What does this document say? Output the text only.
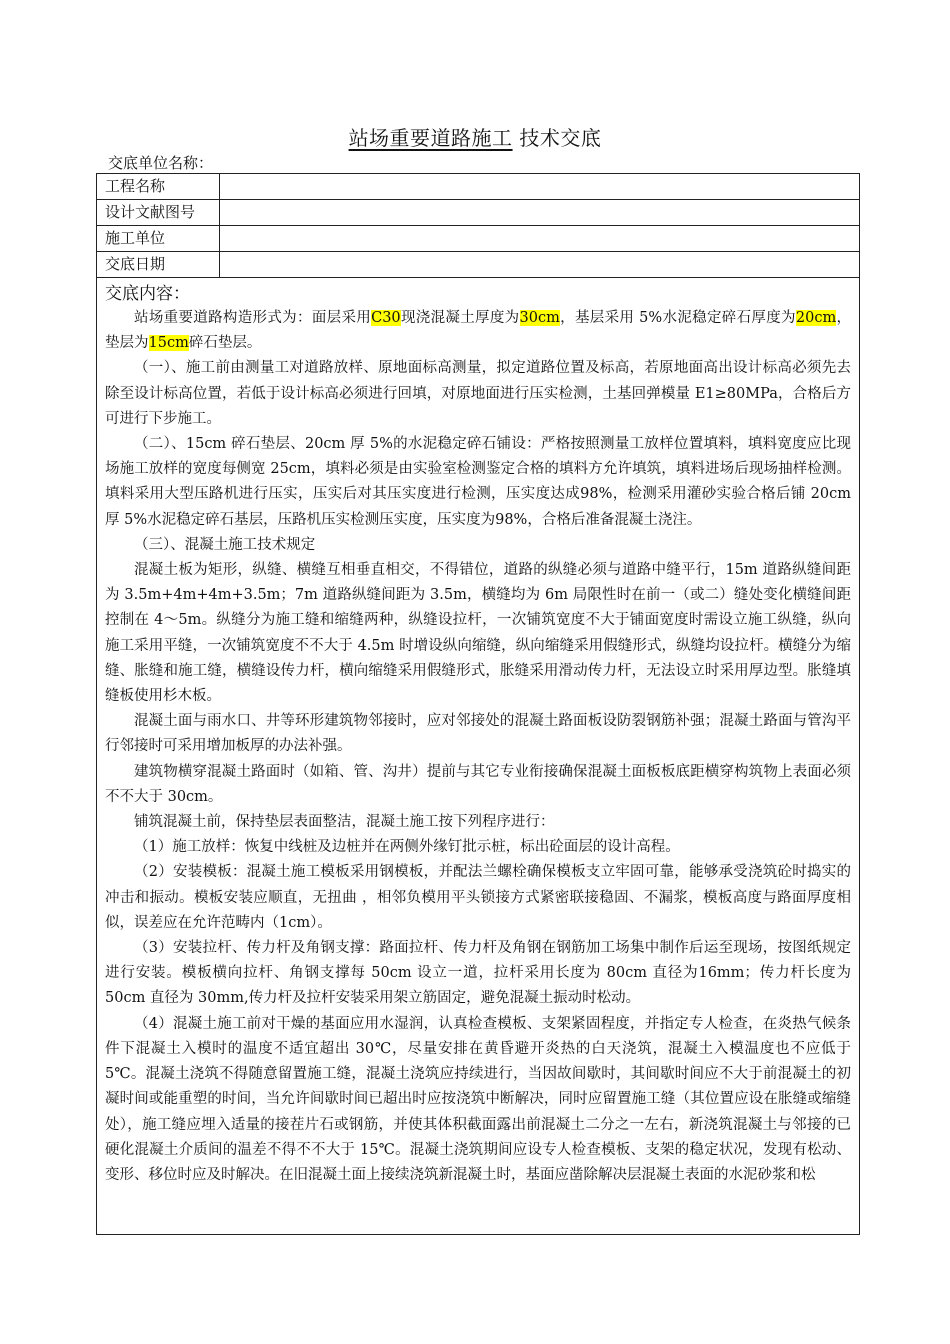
站场重要道路施工 技术交底
交底单位名称：
工程名称
设计文献图号
施工单位
交底日期
交底内容：

站场重要道路构造形式为：面层采用C30现浇混凝土厚度为30cm，基层采用 5%水泥稳定碎石厚度为20cm，垫层为15cm碎石垫层。

（一）、施工前由测量工对道路放样、原地面标高测量，拟定道路位置及标高，若原地面高出设计标高必须先去除至设计标高位置，若低于设计标高必须进行回填，对原地面进行压实检测，土基回弹模量 E1≥80MPa，合格后方可进行下步施工。

（二）、15cm 碎石垫层、20cm 厚 5%的水泥稳定碎石铺设：严格按照测量工放样位置填料，填料宽度应比现场施工放样的宽度每侧宽 25cm，填料必须是由实验室检测鉴定合格的填料方允许填筑，填料进场后现场抽样检测。填料采用大型压路机进行压实，压实后对其压实度进行检测，压实度达成98%，检测采用灌砂实验合格后铺 20cm 厚 5%水泥稳定碎石基层，压路机压实检测压实度，压实度为98%，合格后准备混凝土浇注。

（三）、混凝土施工技术规定

混凝土板为矩形，纵缝、横缝互相垂直相交，不得错位，道路的纵缝必须与道路中缝平行，15m 道路纵缝间距为 3.5m+4m+4m+3.5m；7m 道路纵缝间距为 3.5m，横缝均为 6m 局限性时在前一（或二）缝处变化横缝间距控制在 4～5m。纵缝分为施工缝和缩缝两种，纵缝设拉杆，一次铺筑宽度不大于铺面宽度时需设立施工纵缝，纵向施工采用平缝，一次铺筑宽度不不大于 4.5m 时增设纵向缩缝，纵向缩缝采用假缝形式，纵缝均设拉杆。横缝分为缩缝、胀缝和施工缝，横缝设传力杆，横向缩缝采用假缝形式，胀缝采用滑动传力杆，无法设立时采用厚边型。胀缝填缝板使用杉木板。

混凝土面与雨水口、井等环形建筑物邻接时，应对邻接处的混凝土路面板设防裂钢筋补强；混凝土路面与管沟平行邻接时可采用增加板厚的办法补强。

建筑物横穿混凝土路面时（如箱、管、沟井）提前与其它专业衔接确保混凝土面板板底距横穿构筑物上表面必须不不大于 30cm。

铺筑混凝土前，保持垫层表面整洁，混凝土施工按下列程序进行：

（1）施工放样：恢复中线桩及边桩并在两侧外缘钉批示桩，标出砼面层的设计高程。

（2）安装模板：混凝土施工模板采用钢模板，并配法兰螺栓确保模板支立牢固可靠，能够承受浇筑砼时捣实的冲击和振动。模板安装应顺直，无扭曲 ，相邻负模用平头锁接方式紧密联接稳固、不漏浆，模板高度与路面厚度相似，误差应在允许范畴内（1cm）。

（3）安装拉杆、传力杆及角钢支撑：路面拉杆、传力杆及角钢在钢筋加工场集中制作后运至现场，按图纸规定进行安装。模板横向拉杆、角钢支撑每 50cm 设立一道，拉杆采用长度为 80cm 直径为16mm；传力杆长度为 50cm 直径为 30mm,传力杆及拉杆安装采用架立筋固定，避免混凝土振动时松动。

（4）混凝土施工前对干燥的基面应用水湿润，认真检查模板、支架紧固程度，并指定专人检查，在炎热气候条件下混凝土入模时的温度不适宜超出 30℃，尽量安排在黄昏避开炎热的白天浇筑，混凝土入模温度也不应低于 5℃。混凝土浇筑不得随意留置施工缝，混凝土浇筑应持续进行，当因故间歇时，其间歇时间应不大于前混凝土的初凝时间或能重塑的时间，当允许间歇时间已超出时应按浇筑中断解决，同时应留置施工缝（其位置应设在胀缝或缩缝处），施工缝应埋入适量的接茬片石或钢筋，并使其体积截面露出前混凝土二分之一左右，新浇筑混凝土与邻接的已硬化混凝土介质间的温差不得不不大于 15℃。混凝土浇筑期间应设专人检查模板、支架的稳定状况，发现有松动、变形、移位时应及时解决。在旧混凝土面上接续浇筑新混凝土时，基面应凿除解决层混凝土表面的水泥砂浆和松
